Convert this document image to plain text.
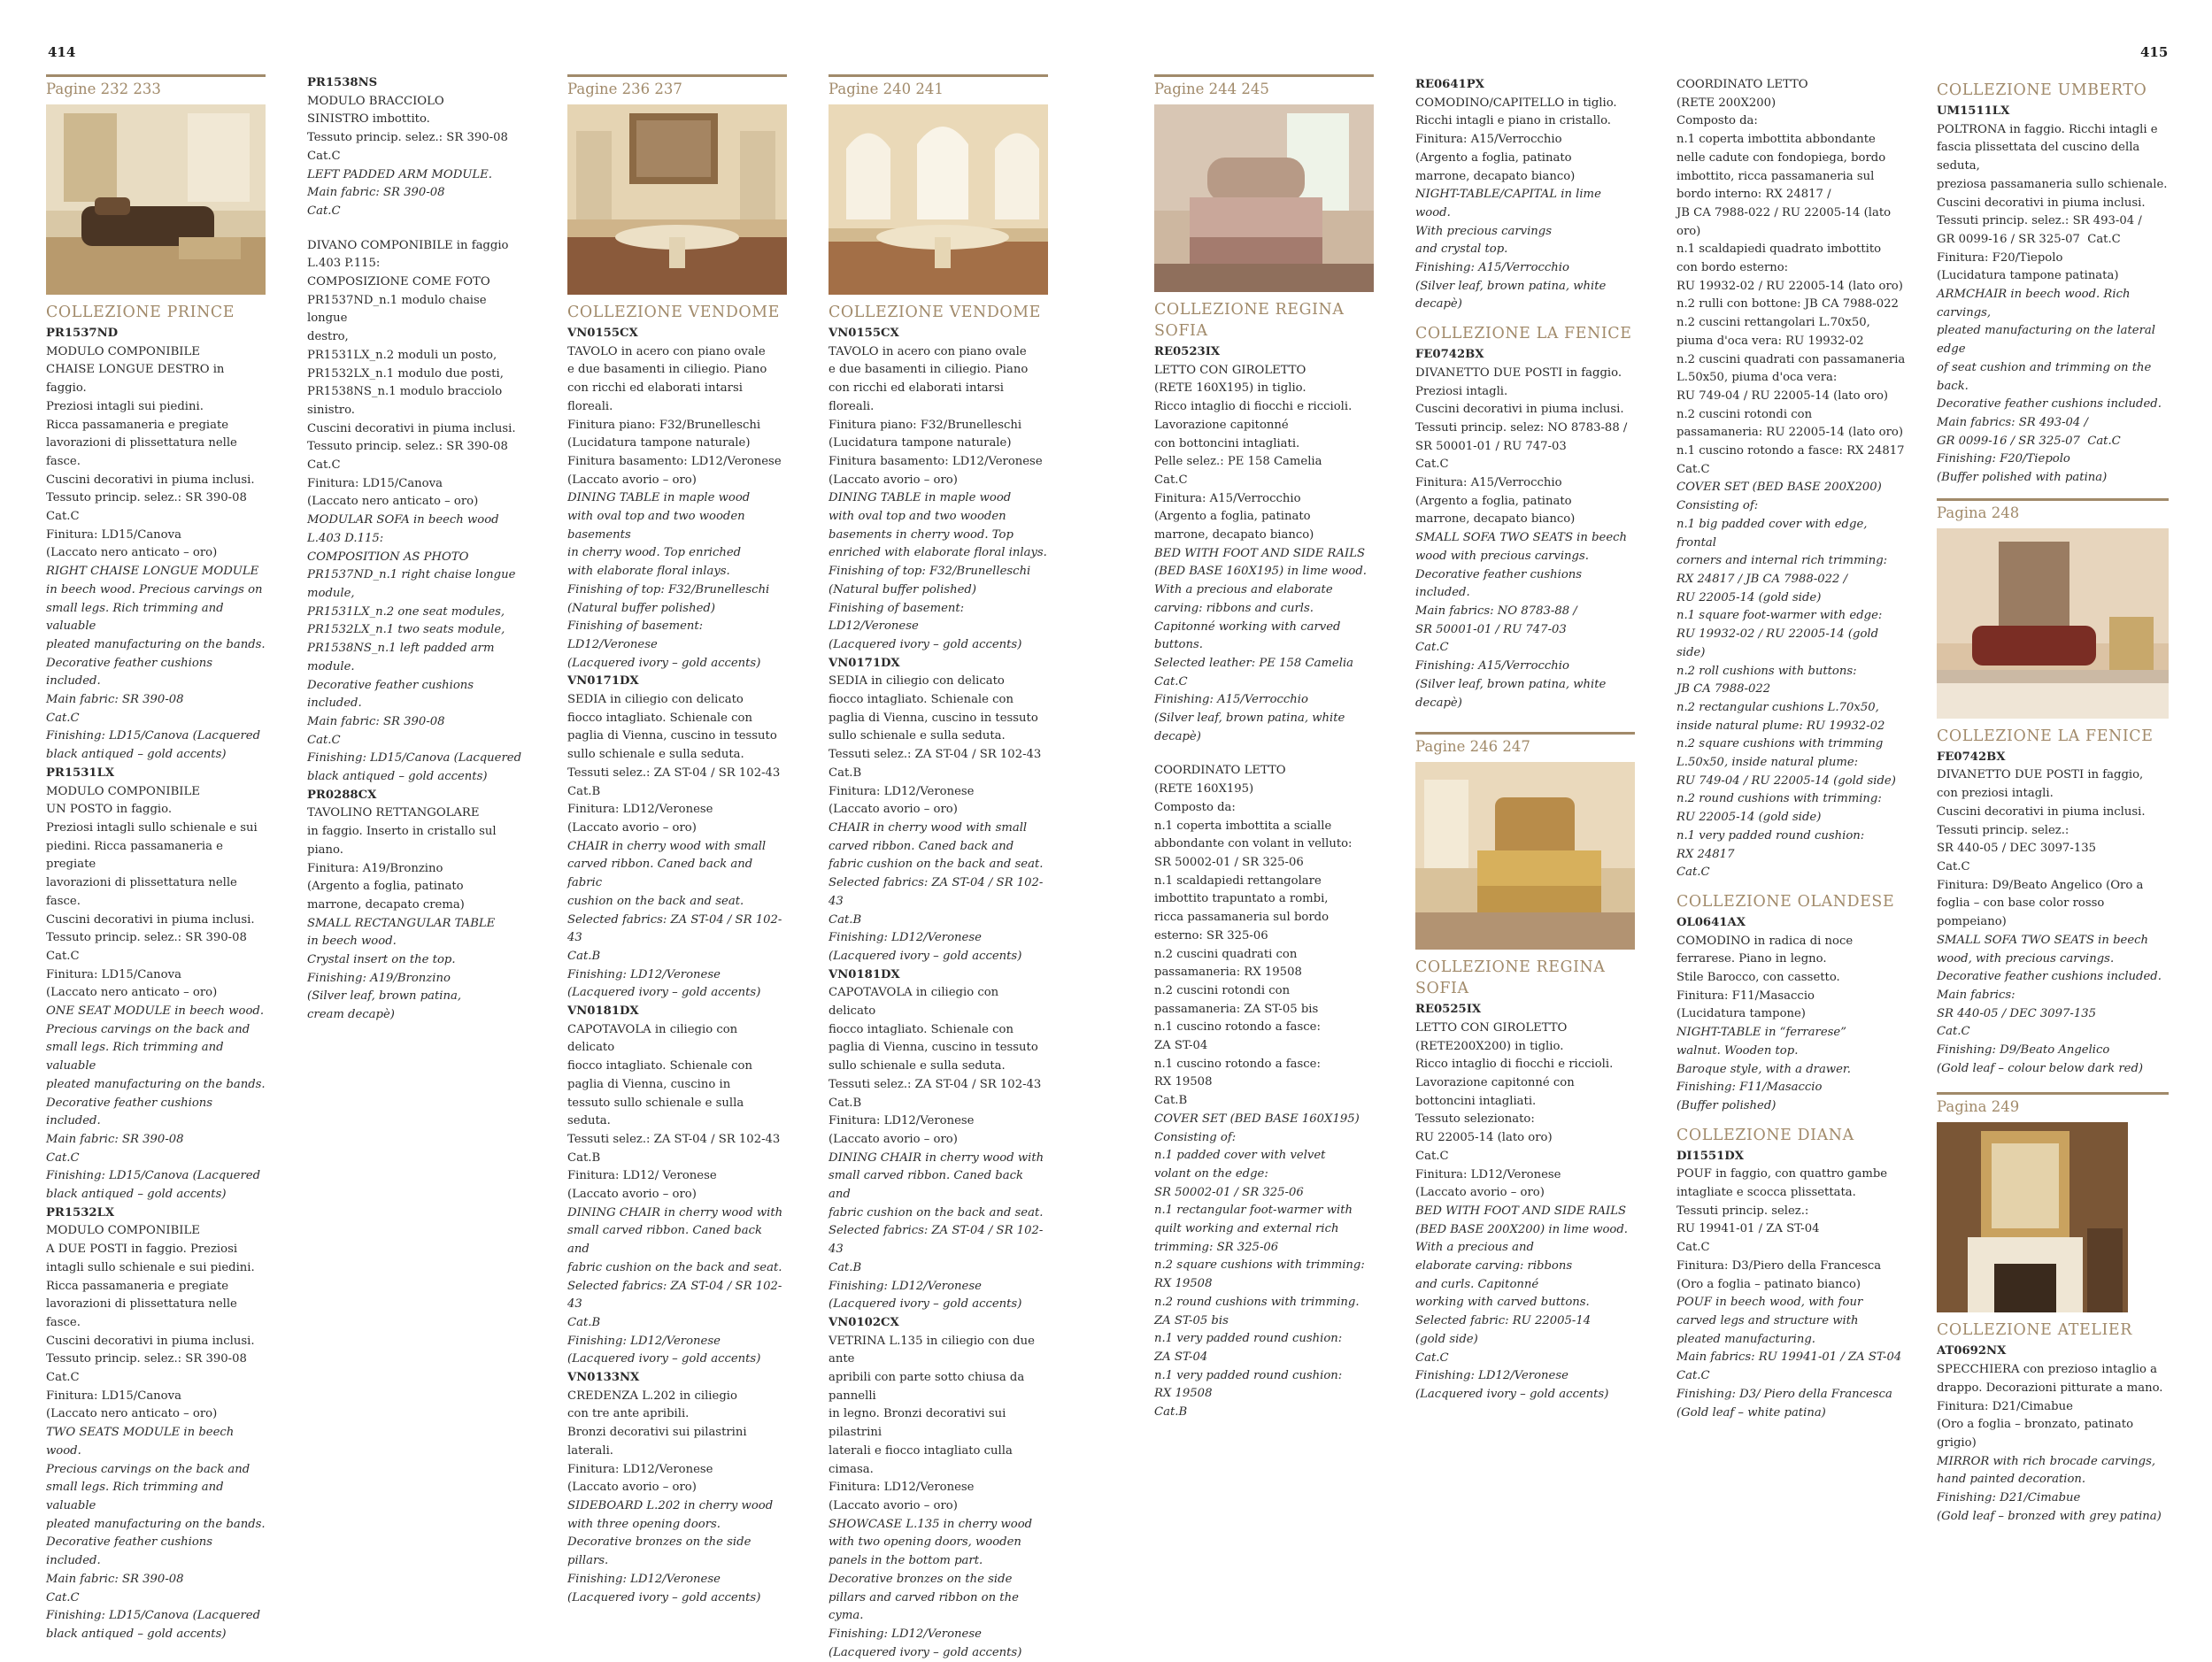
414	415
Pagine 232 233
COLLEZIONE PRINCE
PR1537ND
MODULO COMPONIBILE
CHAISE LONGUE DESTRO in faggio.
Preziosi intagli sui piedini.
Ricca passamaneria e pregiate
lavorazioni di plissettatura nelle fasce.
Cuscini decorativi in piuma inclusi.
Tessuto princip. selez.: SR 390-08
Cat.C
Finitura: LD15/Canova
(Laccato nero anticato – oro)
RIGHT CHAISE LONGUE MODULE
in beech wood. Precious carvings on
small legs. Rich trimming and valuable
pleated manufacturing on the bands.
Decorative feather cushions included.
Main fabric: SR 390-08
Cat.C
Finishing: LD15/Canova (Lacquered
black antiqued – gold accents)
PR1531LX
MODULO COMPONIBILE
UN POSTO in faggio.
Preziosi intagli sullo schienale e sui
piedini. Ricca passamaneria e pregiate
lavorazioni di plissettatura nelle fasce.
Cuscini decorativi in piuma inclusi.
Tessuto princip. selez.: SR 390-08
Cat.C
Finitura: LD15/Canova
(Laccato nero anticato – oro)
ONE SEAT MODULE in beech wood.
Precious carvings on the back and
small legs. Rich trimming and valuable
pleated manufacturing on the bands.
Decorative feather cushions included.
Main fabric: SR 390-08
Cat.C
Finishing: LD15/Canova (Lacquered
black antiqued – gold accents)
PR1532LX
MODULO COMPONIBILE
A DUE POSTI in faggio. Preziosi
intagli sullo schienale e sui piedini.
Ricca passamaneria e pregiate
lavorazioni di plissettatura nelle fasce.
Cuscini decorativi in piuma inclusi.
Tessuto princip. selez.: SR 390-08
Cat.C
Finitura: LD15/Canova
(Laccato nero anticato – oro)
TWO SEATS MODULE in beech wood.
Precious carvings on the back and
small legs. Rich trimming and valuable
pleated manufacturing on the bands.
Decorative feather cushions included.
Main fabric: SR 390-08
Cat.C
Finishing: LD15/Canova (Lacquered
black antiqued – gold accents)
PR1538NS
MODULO BRACCIOLO
SINISTRO imbottito.
Tessuto princip. selez.: SR 390-08
Cat.C
LEFT PADDED ARM MODULE.
Main fabric: SR 390-08
Cat.C
DIVANO COMPONIBILE in faggio
L.403 P.115:
COMPOSIZIONE COME FOTO
PR1537ND_n.1 modulo chaise longue
destro,
PR1531LX_n.2 moduli un posto,
PR1532LX_n.1 modulo due posti,
PR1538NS_n.1 modulo bracciolo sinistro.
Cuscini decorativi in piuma inclusi.
Tessuto princip. selez.: SR 390-08
Cat.C
Finitura: LD15/Canova
(Laccato nero anticato – oro)
MODULAR SOFA in beech wood
L.403 D.115:
COMPOSITION AS PHOTO
PR1537ND_n.1 right chaise longue
module,
PR1531LX_n.2 one seat modules,
PR1532LX_n.1 two seats module,
PR1538NS_n.1 left padded arm
module.
Decorative feather cushions included.
Main fabric: SR 390-08
Cat.C
Finishing: LD15/Canova (Lacquered
black antiqued – gold accents)
PR0288CX
TAVOLINO RETTANGOLARE
in faggio. Inserto in cristallo sul piano.
Finitura: A19/Bronzino
(Argento a foglia, patinato
marrone, decapato crema)
SMALL RECTANGULAR TABLE
in beech wood.
Crystal insert on the top.
Finishing: A19/Bronzino
(Silver leaf, brown patina,
cream decapè)
Pagine 236 237
COLLEZIONE VENDOME
VN0155CX
TAVOLO in acero con piano ovale
e due basamenti in ciliegio. Piano
con ricchi ed elaborati intarsi floreali.
Finitura piano: F32/Brunelleschi
(Lucidatura tampone naturale)
Finitura basamento: LD12/Veronese
(Laccato avorio – oro)
DINING TABLE in maple wood
with oval top and two wooden basements
in cherry wood. Top enriched
with elaborate floral inlays.
Finishing of top: F32/Brunelleschi
(Natural buffer polished)
Finishing of basement: LD12/Veronese
(Lacquered ivory – gold accents)
VN0171DX
SEDIA in ciliegio con delicato
fiocco intagliato. Schienale con
paglia di Vienna, cuscino in tessuto
sullo schienale e sulla seduta.
Tessuti selez.: ZA ST-04 / SR 102-43
Cat.B
Finitura: LD12/Veronese
(Laccato avorio – oro)
CHAIR in cherry wood with small
carved ribbon. Caned back and fabric
cushion on the back and seat.
Selected fabrics: ZA ST-04 / SR 102-43
Cat.B
Finishing: LD12/Veronese
(Lacquered ivory – gold accents)
VN0181DX
CAPOTAVOLA in ciliegio con delicato
fiocco intagliato. Schienale con
paglia di Vienna, cuscino in
tessuto sullo schienale e sulla seduta.
Tessuti selez.: ZA ST-04 / SR 102-43
Cat.B
Finitura: LD12/ Veronese
(Laccato avorio – oro)
DINING CHAIR in cherry wood with
small carved ribbon. Caned back and
fabric cushion on the back and seat.
Selected fabrics: ZA ST-04 / SR 102-43
Cat.B
Finishing: LD12/Veronese
(Lacquered ivory – gold accents)
VN0133NX
CREDENZA L.202 in ciliegio
con tre ante apribili.
Bronzi decorativi sui pilastrini laterali.
Finitura: LD12/Veronese
(Laccato avorio – oro)
SIDEBOARD L.202 in cherry wood
with three opening doors.
Decorative bronzes on the side pillars.
Finishing: LD12/Veronese
(Lacquered ivory – gold accents)
Pagine 240 241
COLLEZIONE VENDOME
VN0155CX
TAVOLO in acero con piano ovale
e due basamenti in ciliegio. Piano
con ricchi ed elaborati intarsi floreali.
Finitura piano: F32/Brunelleschi
(Lucidatura tampone naturale)
Finitura basamento: LD12/Veronese
(Laccato avorio – oro)
DINING TABLE in maple wood
with oval top and two wooden
basements in cherry wood. Top
enriched with elaborate floral inlays.
Finishing of top: F32/Brunelleschi
(Natural buffer polished)
Finishing of basement: LD12/Veronese
(Lacquered ivory – gold accents)
VN0171DX
SEDIA in ciliegio con delicato
fiocco intagliato. Schienale con
paglia di Vienna, cuscino in tessuto
sullo schienale e sulla seduta.
Tessuti selez.: ZA ST-04 / SR 102-43  Cat.B
Finitura: LD12/Veronese
(Laccato avorio – oro)
CHAIR in cherry wood with small
carved ribbon. Caned back and
fabric cushion on the back and seat.
Selected fabrics: ZA ST-04 / SR 102-43
Cat.B
Finishing: LD12/Veronese
(Lacquered ivory – gold accents)
VN0181DX
CAPOTAVOLA in ciliegio con delicato
fiocco intagliato. Schienale con
paglia di Vienna, cuscino in tessuto
sullo schienale e sulla seduta.
Tessuti selez.: ZA ST-04 / SR 102-43  Cat.B
Finitura: LD12/Veronese
(Laccato avorio – oro)
DINING CHAIR in cherry wood with
small carved ribbon. Caned back and
fabric cushion on the back and seat.
Selected fabrics: ZA ST-04 / SR 102-43
Cat.B
Finishing: LD12/Veronese
(Lacquered ivory – gold accents)
VN0102CX
VETRINA L.135 in ciliegio con due ante
apribili con parte sotto chiusa da pannelli
in legno. Bronzi decorativi sui pilastrini
laterali e fiocco intagliato culla cimasa.
Finitura: LD12/Veronese
(Laccato avorio – oro)
SHOWCASE L.135 in cherry wood
with two opening doors, wooden
panels in the bottom part.
Decorative bronzes on the side
pillars and carved ribbon on the cyma.
Finishing: LD12/Veronese
(Lacquered ivory – gold accents)
Pagine 244 245
COLLEZIONE REGINA SOFIA
RE0523IX
LETTO CON GIROLETTO
(RETE 160X195) in tiglio.
Ricco intaglio di fiocchi e riccioli.
Lavorazione capitonné
con bottoncini intagliati.
Pelle selez.: PE 158 Camelia
Cat.C
Finitura: A15/Verrocchio
(Argento a foglia, patinato
marrone, decapato bianco)
BED WITH FOOT AND SIDE RAILS
(BED BASE 160X195) in lime wood.
With a precious and elaborate
carving: ribbons and curls.
Capitonné working with carved buttons.
Selected leather: PE 158 Camelia
Cat.C
Finishing: A15/Verrocchio
(Silver leaf, brown patina, white decapè)
COORDINATO LETTO
(RETE 160X195)
Composto da:
n.1 coperta imbottita a scialle
abbondante con volant in velluto:
SR 50002-01 / SR 325-06
n.1 scaldapiedi rettangolare
imbottito trapuntato a rombi,
ricca passamaneria sul bordo
esterno: SR 325-06
n.2 cuscini quadrati con
passamaneria: RX 19508
n.2 cuscini rotondi con
passamaneria: ZA ST-05 bis
n.1 cuscino rotondo a fasce:
ZA ST-04
n.1 cuscino rotondo a fasce:
RX 19508
Cat.B
COVER SET (BED BASE 160X195)
Consisting of:
n.1 padded cover with velvet
volant on the edge:
SR 50002-01 / SR 325-06
n.1 rectangular foot-warmer with
quilt working and external rich
trimming: SR 325-06
n.2 square cushions with trimming:
RX 19508
n.2 round cushions with trimming.
ZA ST-05 bis
n.1 very padded round cushion:
ZA ST-04
n.1 very padded round cushion:
RX 19508
Cat.B
RE0641PX
COMODINO/CAPITELLO in tiglio.
Ricchi intagli e piano in cristallo.
Finitura: A15/Verrocchio
(Argento a foglia, patinato
marrone, decapato bianco)
NIGHT-TABLE/CAPITAL in lime wood.
With precious carvings
and crystal top.
Finishing: A15/Verrocchio
(Silver leaf, brown patina, white decapè)
COLLEZIONE LA FENICE
FE0742BX
DIVANETTO DUE POSTI in faggio.
Preziosi intagli.
Cuscini decorativi in piuma inclusi.
Tessuti princip. selez: NO 8783-88 /
SR 50001-01 / RU 747-03
Cat.C
Finitura: A15/Verrocchio
(Argento a foglia, patinato
marrone, decapato bianco)
SMALL SOFA TWO SEATS in beech
wood with precious carvings.
Decorative feather cushions included.
Main fabrics: NO 8783-88 /
SR 50001-01 / RU 747-03
Cat.C
Finishing: A15/Verrocchio
(Silver leaf, brown patina, white decapè)
Pagine 246 247
COLLEZIONE REGINA SOFIA
RE0525IX
LETTO CON GIROLETTO
(RETE200X200) in tiglio.
Ricco intaglio di fiocchi e riccioli.
Lavorazione capitonné con
bottoncini intagliati.
Tessuto selezionato:
RU 22005-14 (lato oro)
Cat.C
Finitura: LD12/Veronese
(Laccato avorio – oro)
BED WITH FOOT AND SIDE RAILS
(BED BASE 200X200) in lime wood.
With a precious and
elaborate carving: ribbons
and curls. Capitonné
working with carved buttons.
Selected fabric: RU 22005-14
(gold side)
Cat.C
Finishing: LD12/Veronese
(Lacquered ivory – gold accents)
COORDINATO LETTO
(RETE 200X200)
Composto da:
n.1 coperta imbottita abbondante
nelle cadute con fondopiega, bordo
imbottito, ricca passamaneria sul
bordo interno: RX 24817 /
JB CA 7988-022 / RU 22005-14 (lato oro)
n.1 scaldapiedi quadrato imbottito
con bordo esterno:
RU 19932-02 / RU 22005-14 (lato oro)
n.2 rulli con bottone: JB CA 7988-022
n.2 cuscini rettangolari L.70x50,
piuma d'oca vera: RU 19932-02
n.2 cuscini quadrati con passamaneria
L.50x50, piuma d'oca vera:
RU 749-04 / RU 22005-14 (lato oro)
n.2 cuscini rotondi con
passamaneria: RU 22005-14 (lato oro)
n.1 cuscino rotondo a fasce: RX 24817
Cat.C
COVER SET (BED BASE 200X200)
Consisting of:
n.1 big padded cover with edge, frontal
corners and internal rich trimming:
RX 24817 / JB CA 7988-022 /
RU 22005-14 (gold side)
n.1 square foot-warmer with edge:
RU 19932-02 / RU 22005-14 (gold side)
n.2 roll cushions with buttons:
JB CA 7988-022
n.2 rectangular cushions L.70x50,
inside natural plume: RU 19932-02
n.2 square cushions with trimming
L.50x50, inside natural plume:
RU 749-04 / RU 22005-14 (gold side)
n.2 round cushions with trimming:
RU 22005-14 (gold side)
n.1 very padded round cushion:
RX 24817
Cat.C
COLLEZIONE OLANDESE
OL0641AX
COMODINO in radica di noce
ferrarese. Piano in legno.
Stile Barocco, con cassetto.
Finitura: F11/Masaccio
(Lucidatura tampone)
NIGHT-TABLE in “ferrarese”
walnut. Wooden top.
Baroque style, with a drawer.
Finishing: F11/Masaccio
(Buffer polished)
COLLEZIONE DIANA
DI1551DX
POUF in faggio, con quattro gambe
intagliate e scocca plissettata.
Tessuti princip. selez.:
RU 19941-01 / ZA ST-04
Cat.C
Finitura: D3/Piero della Francesca
(Oro a foglia – patinato bianco)
POUF in beech wood, with four
carved legs and structure with
pleated manufacturing.
Main fabrics: RU 19941-01 / ZA ST-04
Cat.C
Finishing: D3/ Piero della Francesca
(Gold leaf – white patina)
COLLEZIONE UMBERTO
UM1511LX
POLTRONA in faggio. Ricchi intagli e
fascia plissettata del cuscino della seduta,
preziosa passamaneria sullo schienale.
Cuscini decorativi in piuma inclusi.
Tessuti princip. selez.: SR 493-04 /
GR 0099-16 / SR 325-07  Cat.C
Finitura: F20/Tiepolo
(Lucidatura tampone patinata)
ARMCHAIR in beech wood. Rich carvings,
pleated manufacturing on the lateral edge
of seat cushion and trimming on the back.
Decorative feather cushions included.
Main fabrics: SR 493-04 /
GR 0099-16 / SR 325-07  Cat.C
Finishing: F20/Tiepolo
(Buffer polished with patina)
Pagina 248
COLLEZIONE LA FENICE
FE0742BX
DIVANETTO DUE POSTI in faggio,
con preziosi intagli.
Cuscini decorativi in piuma inclusi.
Tessuti princip. selez.:
SR 440-05 / DEC 3097-135
Cat.C
Finitura: D9/Beato Angelico (Oro a
foglia – con base color rosso pompeiano)
SMALL SOFA TWO SEATS in beech
wood, with precious carvings.
Decorative feather cushions included.
Main fabrics:
SR 440-05 / DEC 3097-135
Cat.C
Finishing: D9/Beato Angelico
(Gold leaf – colour below dark red)
Pagina 249
COLLEZIONE ATELIER
AT0692NX
SPECCHIERA con prezioso intaglio a
drappo. Decorazioni pitturate a mano.
Finitura: D21/Cimabue
(Oro a foglia – bronzato, patinato grigio)
MIRROR with rich brocade carvings,
hand painted decoration.
Finishing: D21/Cimabue
(Gold leaf – bronzed with grey patina)
